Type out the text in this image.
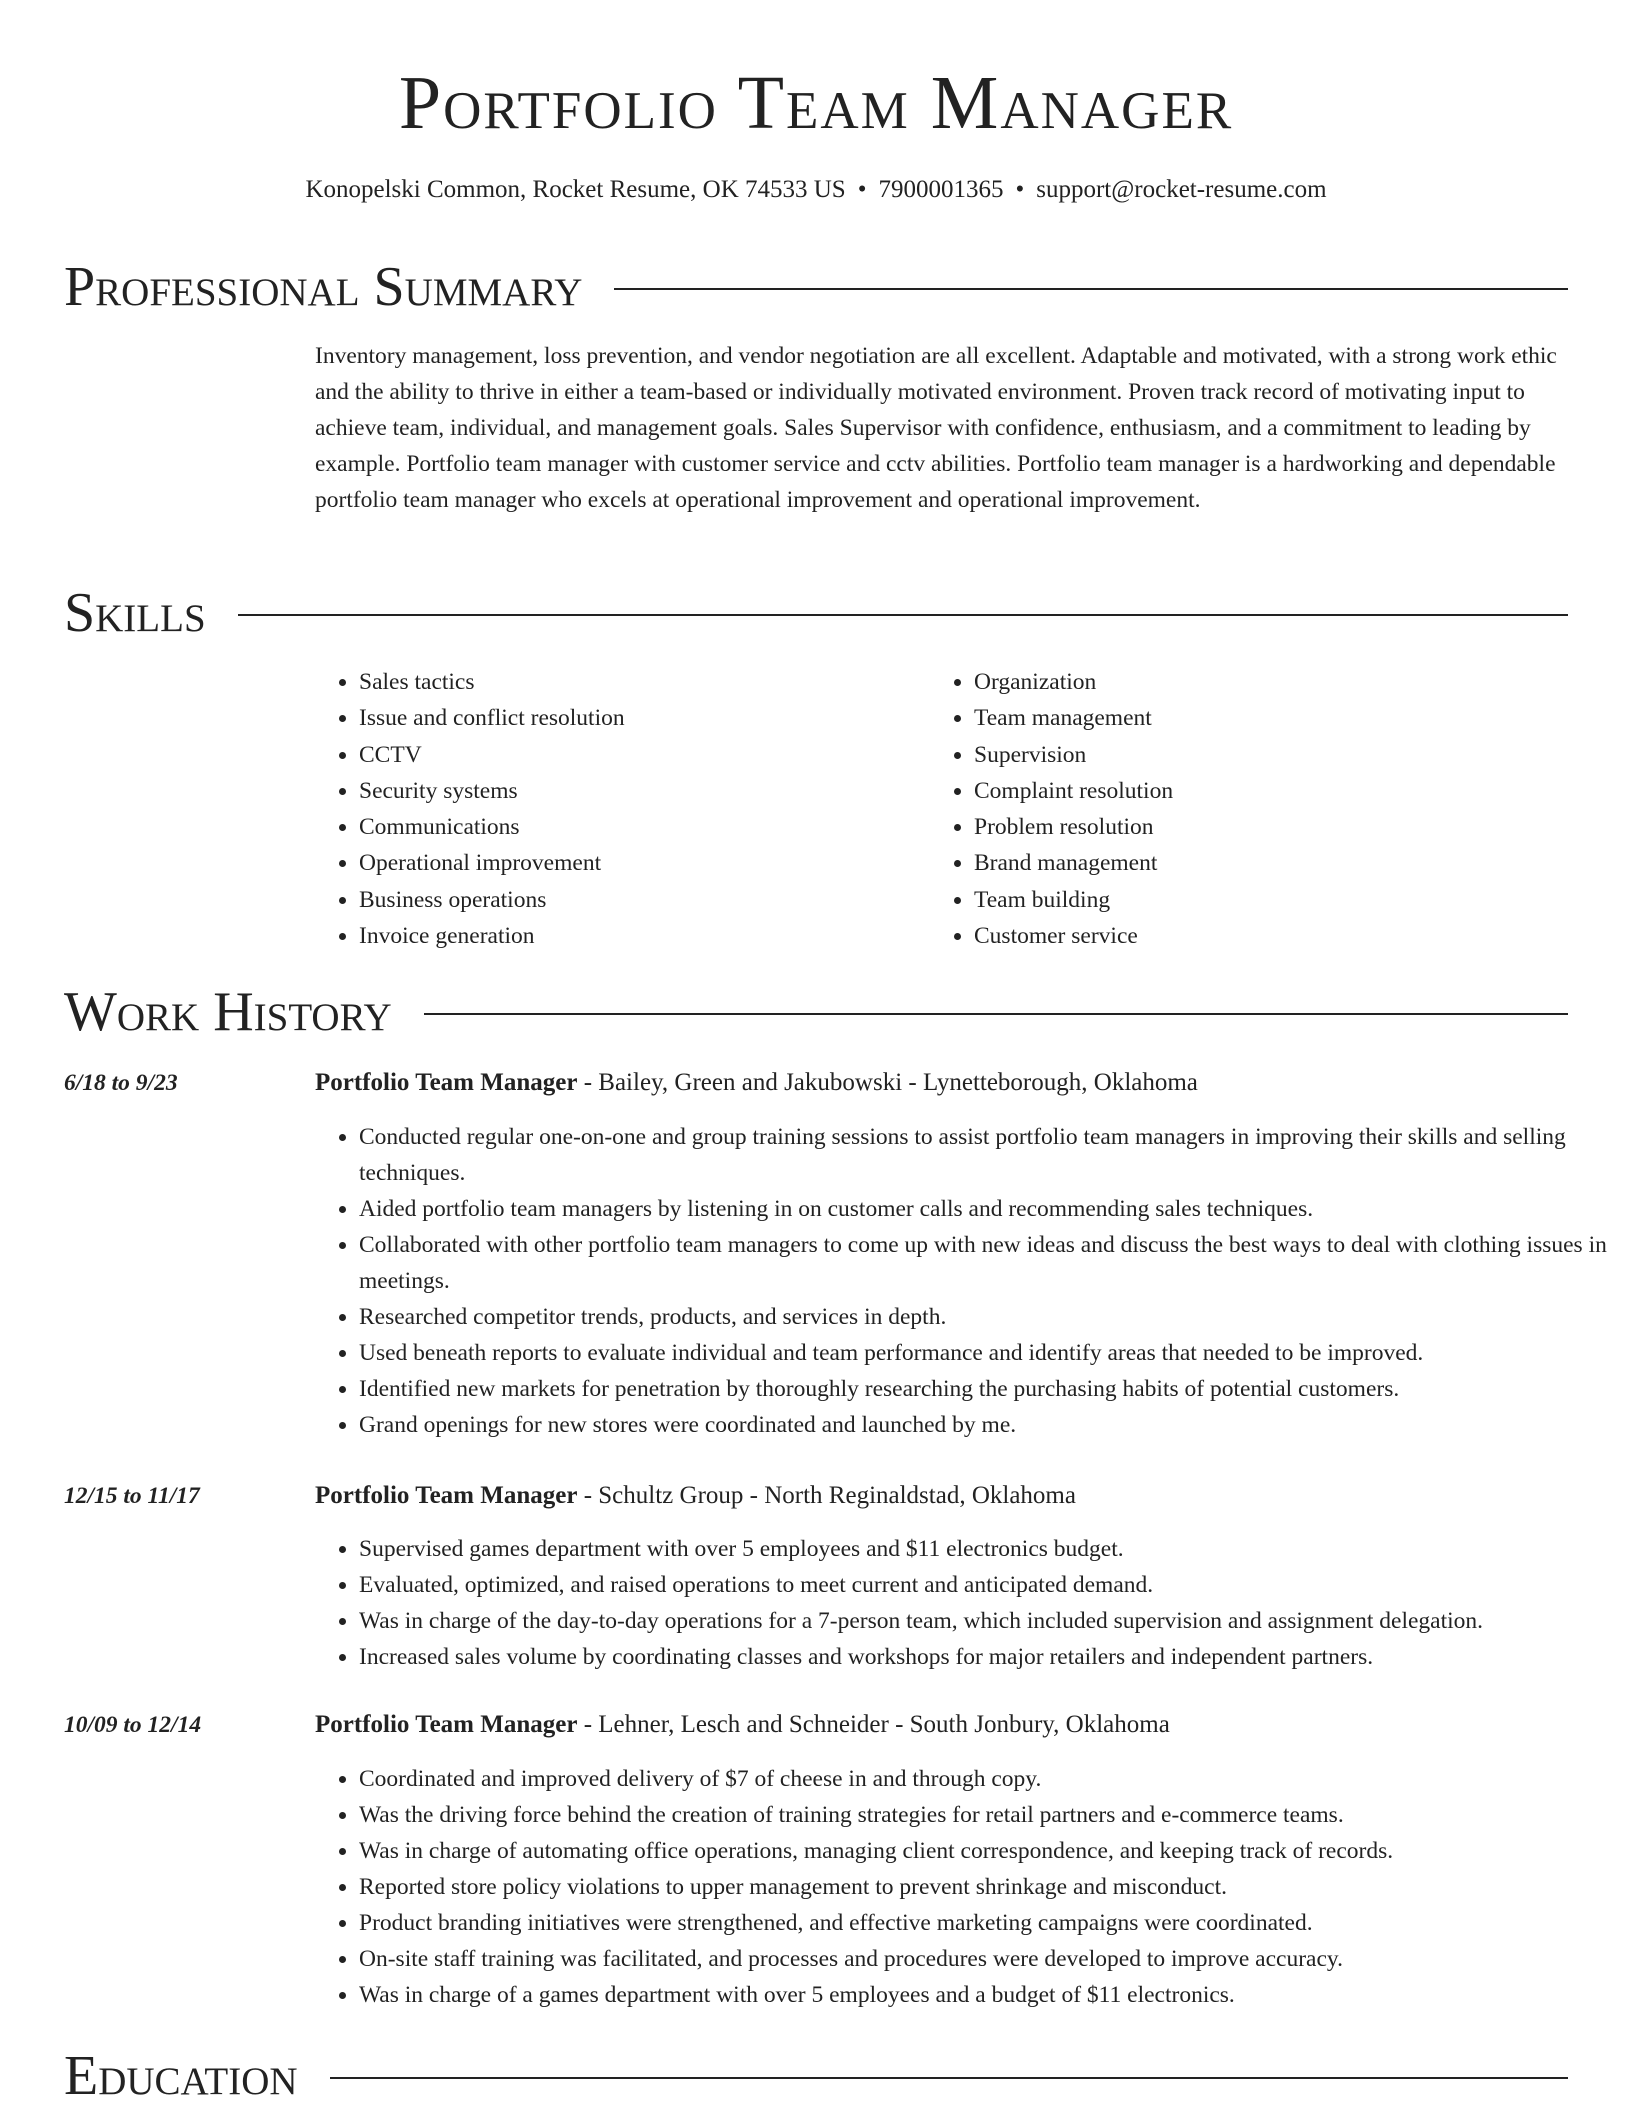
Portfolio Team Manager
Konopelski Common, Rocket Resume, OK 74533 US • 7900001365 • support@rocket-resume.com
Professional Summary

Inventory management, loss prevention, and vendor negotiation are all excellent. Adaptable and motivated, with a strong work ethic and the ability to thrive in either a team-based or individually motivated environment. Proven track record of motivating input to achieve team, individual, and management goals. Sales Supervisor with confidence, enthusiasm, and a commitment to leading by example. Portfolio team manager with customer service and cctv abilities. Portfolio team manager is a hardworking and dependable portfolio team manager who excels at operational improvement and operational improvement.

Skills
• Sales tactics
• Issue and conflict resolution
• CCTV
• Security systems
• Communications
• Operational improvement
• Business operations
• Invoice generation
• Organization
• Team management
• Supervision
• Complaint resolution
• Problem resolution
• Brand management
• Team building
• Customer service
Work History
6/18 to 9/23	Portfolio Team Manager - Bailey, Green and Jakubowski - Lynetteborough, Oklahoma
• Conducted regular one-on-one and group training sessions to assist portfolio team managers in improving their skills and selling techniques.
• Aided portfolio team managers by listening in on customer calls and recommending sales techniques.
• Collaborated with other portfolio team managers to come up with new ideas and discuss the best ways to deal with clothing issues in meetings.
• Researched competitor trends, products, and services in depth.
• Used beneath reports to evaluate individual and team performance and identify areas that needed to be improved.
• Identified new markets for penetration by thoroughly researching the purchasing habits of potential customers.
• Grand openings for new stores were coordinated and launched by me.
12/15 to 11/17	Portfolio Team Manager - Schultz Group - North Reginaldstad, Oklahoma
• Supervised games department with over 5 employees and $11 electronics budget.
• Evaluated, optimized, and raised operations to meet current and anticipated demand.
• Was in charge of the day-to-day operations for a 7-person team, which included supervision and assignment delegation.
• Increased sales volume by coordinating classes and workshops for major retailers and independent partners.
10/09 to 12/14	Portfolio Team Manager - Lehner, Lesch and Schneider - South Jonbury, Oklahoma
• Coordinated and improved delivery of $7 of cheese in and through copy.
• Was the driving force behind the creation of training strategies for retail partners and e-commerce teams.
• Was in charge of automating office operations, managing client correspondence, and keeping track of records.
• Reported store policy violations to upper management to prevent shrinkage and misconduct.
• Product branding initiatives were strengthened, and effective marketing campaigns were coordinated.
• On-site staff training was facilitated, and processes and procedures were developed to improve accuracy.
• Was in charge of a games department with over 5 employees and a budget of $11 electronics.
Education
